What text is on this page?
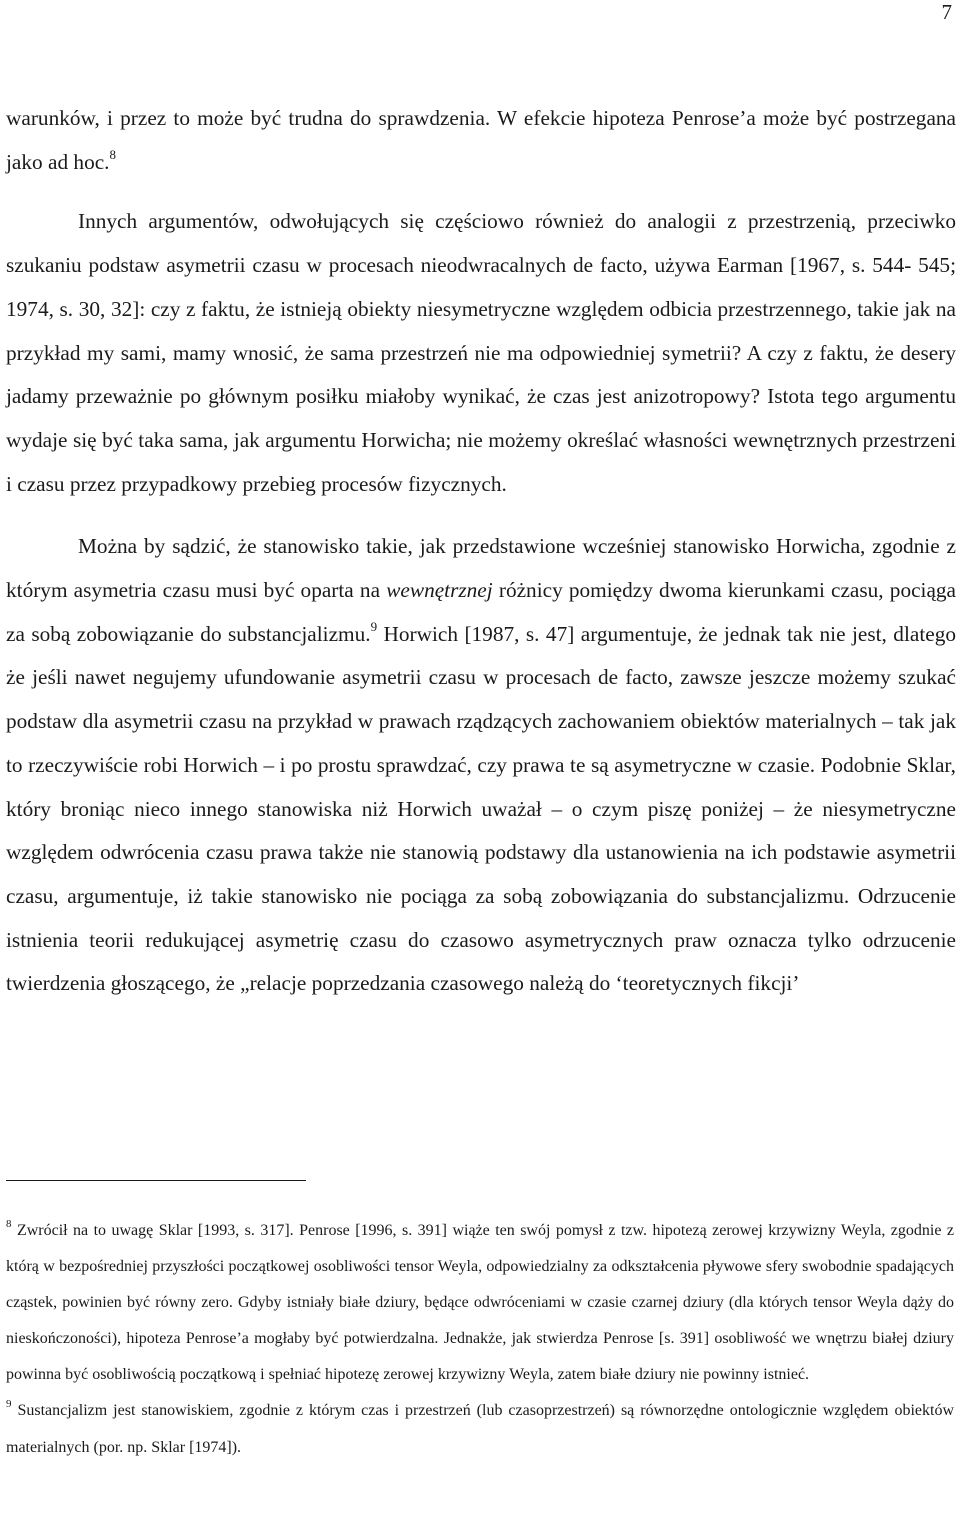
7

warunków, i przez to może być trudna do sprawdzenia. W efekcie hipoteza Penrose’a może być postrzegana jako ad hoc.$^8$

Innych argumentów, odwołujących się częściowo również do analogii z przestrzenią, przeciwko szukaniu podstaw asymetrii czasu w procesach nieodwracalnych de facto, używa Earman [1967, s. 544- 545; 1974, s. 30, 32]: czy z faktu, że istnieją obiekty niesymetryczne względem odbicia przestrzennego, takie jak na przykład my sami, mamy wnosić, że sama przestrzeń nie ma odpowiedniej symetrii? A czy z faktu, że desery jadamy przeważnie po głównym posiłku miałoby wynikać, że czas jest anizotropowy? Istota tego argumentu wydaje się być taka sama, jak argumentu Horwicha; nie możemy określać własności wewnętrznych przestrzeni i czasu przez przypadkowy przebieg procesów fizycznych.

Można by sądzić, że stanowisko takie, jak przedstawione wcześniej stanowisko Horwicha, zgodnie z którym asymetria czasu musi być oparta na wewnętrznej różnicy pomiędzy dwoma kierunkami czasu, pociąga za sobą zobowiązanie do substancjalizmu.$^9$ Horwich [1987, s. 47] argumentuje, że jednak tak nie jest, dlatego że jeśli nawet negujemy ufundowanie asymetrii czasu w procesach de facto, zawsze jeszcze możemy szukać podstaw dla asymetrii czasu na przykład w prawach rządzących zachowaniem obiektów materialnych – tak jak to rzeczywiście robi Horwich – i po prostu sprawdzać, czy prawa te są asymetryczne w czasie. Podobnie Sklar, który broniąc nieco innego stanowiska niż Horwich uważał – o czym piszę poniżej – że niesymetryczne względem odwrócenia czasu prawa także nie stanowią podstawy dla ustanowienia na ich podstawie asymetrii czasu, argumentuje, iż takie stanowisko nie pociąga za sobą zobowiązania do substancjalizmu. Odrzucenie istnienia teorii redukującej asymetrię czasu do czasowo asymetrycznych praw oznacza tylko odrzucenie twierdzenia głoszącego, że „relacje poprzedzania czasowego należą do ‘teoretycznych fikcji’

$^8$ Zwrócił na to uwagę Sklar [1993, s. 317]. Penrose [1996, s. 391] wiąże ten swój pomysł z tzw. hipotezą zerowej krzywizny Weyla, zgodnie z którą w bezpośredniej przyszłości początkowej osobliwości tensor Weyla, odpowiedzialny za odkształcenia pływowe sfery swobodnie spadających cząstek, powinien być równy zero. Gdyby istniały białe dziury, będące odwróceniami w czasie czarnej dziury (dla których tensor Weyla dąży do nieskończoności), hipoteza Penrose’a mogłaby być potwierdzalna. Jednakże, jak stwierdza Penrose [s. 391] osobliwość we wnętrzu białej dziury powinna być osobliwością początkową i spełniać hipotezę zerowej krzywizny Weyla, zatem białe dziury nie powinny istnieć.

$^9$ Sustancjalizm jest stanowiskiem, zgodnie z którym czas i przestrzeń (lub czasoprzestrzeń) są równorzędne ontologicznie względem obiektów materialnych (por. np. Sklar [1974]).
